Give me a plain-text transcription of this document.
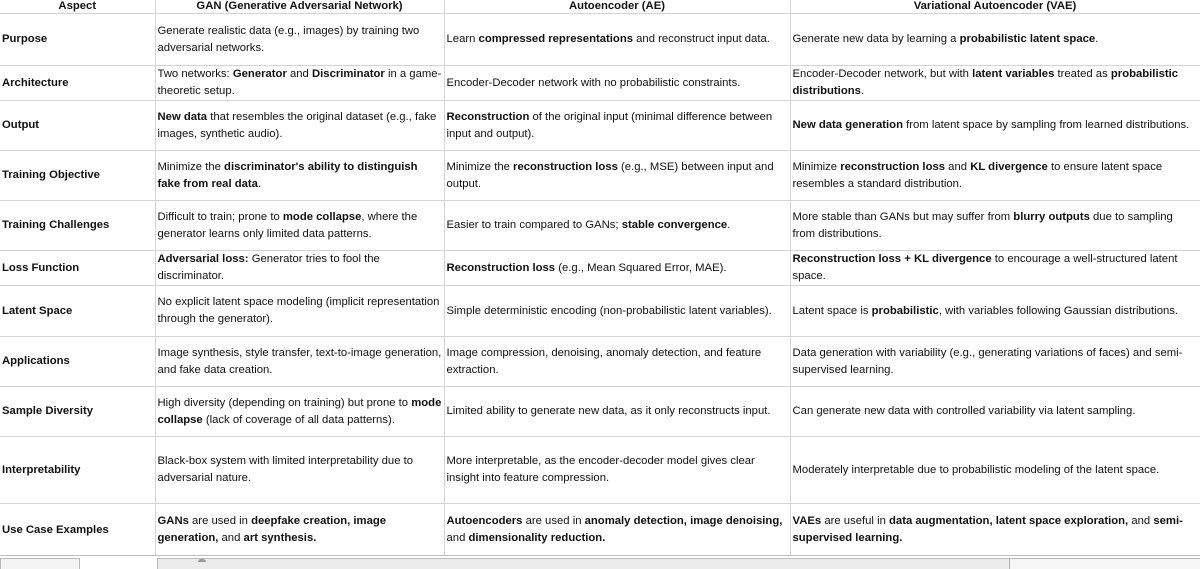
Aspect	GAN (Generative Adversarial Network)	Autoencoder (AE)	Variational Autoencoder (VAE)
Purpose	Generate realistic data (e.g., images) by training two adversarial networks.	Learn compressed representations and reconstruct input data.	Generate new data by learning a probabilistic latent space.
Architecture	Two networks: Generator and Discriminator in a game-theoretic setup.	Encoder-Decoder network with no probabilistic constraints.	Encoder-Decoder network, but with latent variables treated as probabilistic distributions.
Output	New data that resembles the original dataset (e.g., fake images, synthetic audio).	Reconstruction of the original input (minimal difference between input and output).	New data generation from latent space by sampling from learned distributions.
Training Objective	Minimize the discriminator's ability to distinguish fake from real data.	Minimize the reconstruction loss (e.g., MSE) between input and output.	Minimize reconstruction loss and KL divergence to ensure latent space resembles a standard distribution.
Training Challenges	Difficult to train; prone to mode collapse, where the generator learns only limited data patterns.	Easier to train compared to GANs; stable convergence.	More stable than GANs but may suffer from blurry outputs due to sampling from distributions.
Loss Function	Adversarial loss: Generator tries to fool the discriminator.	Reconstruction loss (e.g., Mean Squared Error, MAE).	Reconstruction loss + KL divergence to encourage a well-structured latent space.
Latent Space	No explicit latent space modeling (implicit representation through the generator).	Simple deterministic encoding (non-probabilistic latent variables).	Latent space is probabilistic, with variables following Gaussian distributions.
Applications	Image synthesis, style transfer, text-to-image generation, and fake data creation.	Image compression, denoising, anomaly detection, and feature extraction.	Data generation with variability (e.g., generating variations of faces) and semi-supervised learning.
Sample Diversity	High diversity (depending on training) but prone to mode collapse (lack of coverage of all data patterns).	Limited ability to generate new data, as it only reconstructs input.	Can generate new data with controlled variability via latent sampling.
Interpretability	Black-box system with limited interpretability due to adversarial nature.	More interpretable, as the encoder-decoder model gives clear insight into feature compression.	Moderately interpretable due to probabilistic modeling of the latent space.
Use Case Examples	GANs are used in deepfake creation, image generation, and art synthesis.	Autoencoders are used in anomaly detection, image denoising, and dimensionality reduction.	VAEs are useful in data augmentation, latent space exploration, and semi-supervised learning.
